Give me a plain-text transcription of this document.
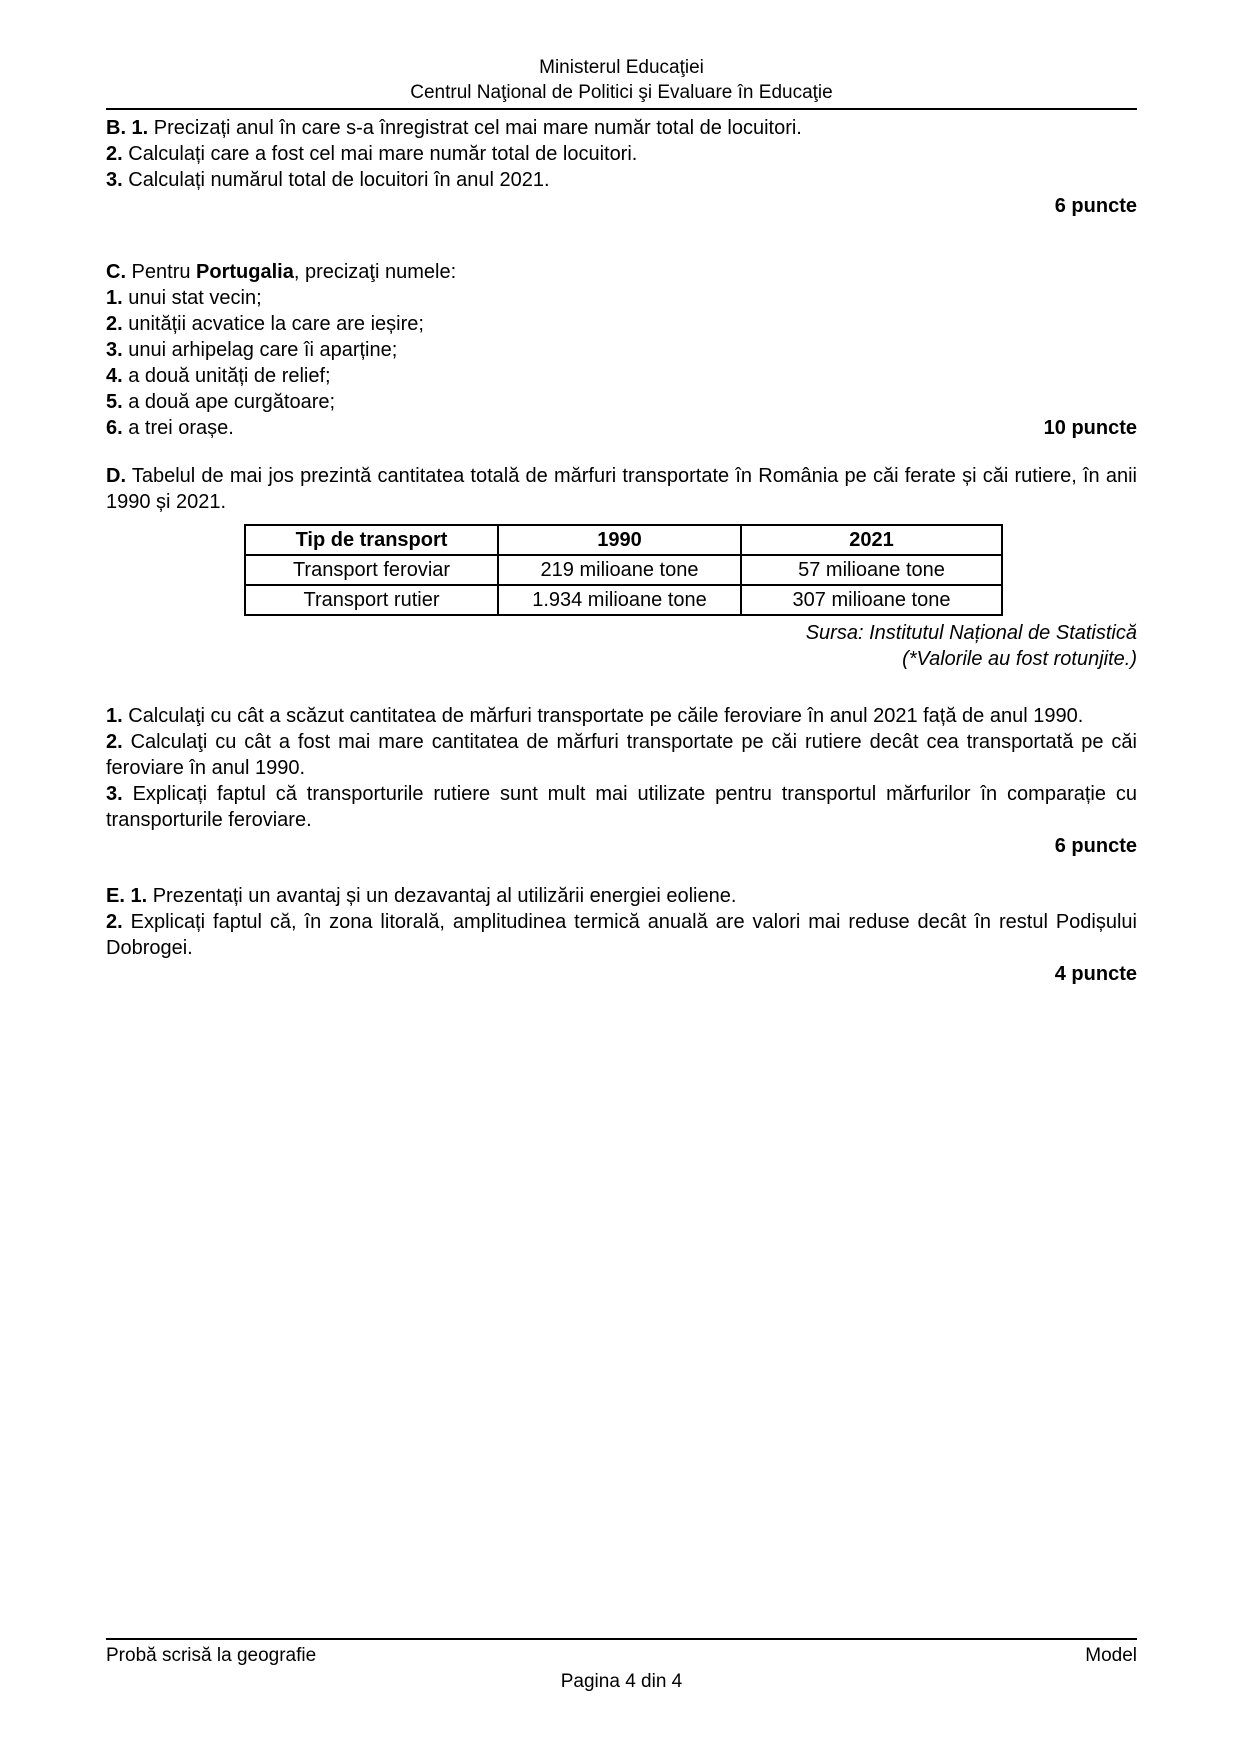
Ministerul Educaţiei
Centrul Naţional de Politici şi Evaluare în Educaţie

B. 1. Precizați anul în care s-a înregistrat cel mai mare număr total de locuitori.

2. Calculați care a fost cel mai mare număr total de locuitori.

3. Calculați numărul total de locuitori în anul 2021.

6 puncte

C. Pentru Portugalia, precizaţi numele:

1. unui stat vecin;

2. unității acvatice la care are ieșire;

3. unui arhipelag care îi aparține;

4. a două unități de relief;

5. a două ape curgătoare;

6. a trei orașe.	10 puncte

D. Tabelul de mai jos prezintă cantitatea totală de mărfuri transportate în România pe căi ferate și căi rutiere, în anii 1990 și 2021.

Tip de transport	1990	2021
Transport feroviar	219 milioane tone	57 milioane tone
Transport rutier	1.934 milioane tone	307 milioane tone

Sursa: Institutul Național de Statistică

(*Valorile au fost rotunjite.)

1. Calculaţi cu cât a scăzut cantitatea de mărfuri transportate pe căile feroviare în anul 2021 față de anul 1990.

2. Calculaţi cu cât a fost mai mare cantitatea de mărfuri transportate pe căi rutiere decât cea transportată pe căi feroviare în anul 1990.

3. Explicați faptul că transporturile rutiere sunt mult mai utilizate pentru transportul mărfurilor în comparație cu transporturile feroviare.

6 puncte

E. 1. Prezentați un avantaj și un dezavantaj al utilizării energiei eoliene.

2. Explicați faptul că, în zona litorală, amplitudinea termică anuală are valori mai reduse decât în restul Podișului Dobrogei.

4 puncte

Probă scrisă la geografie	Model
Pagina 4 din 4
